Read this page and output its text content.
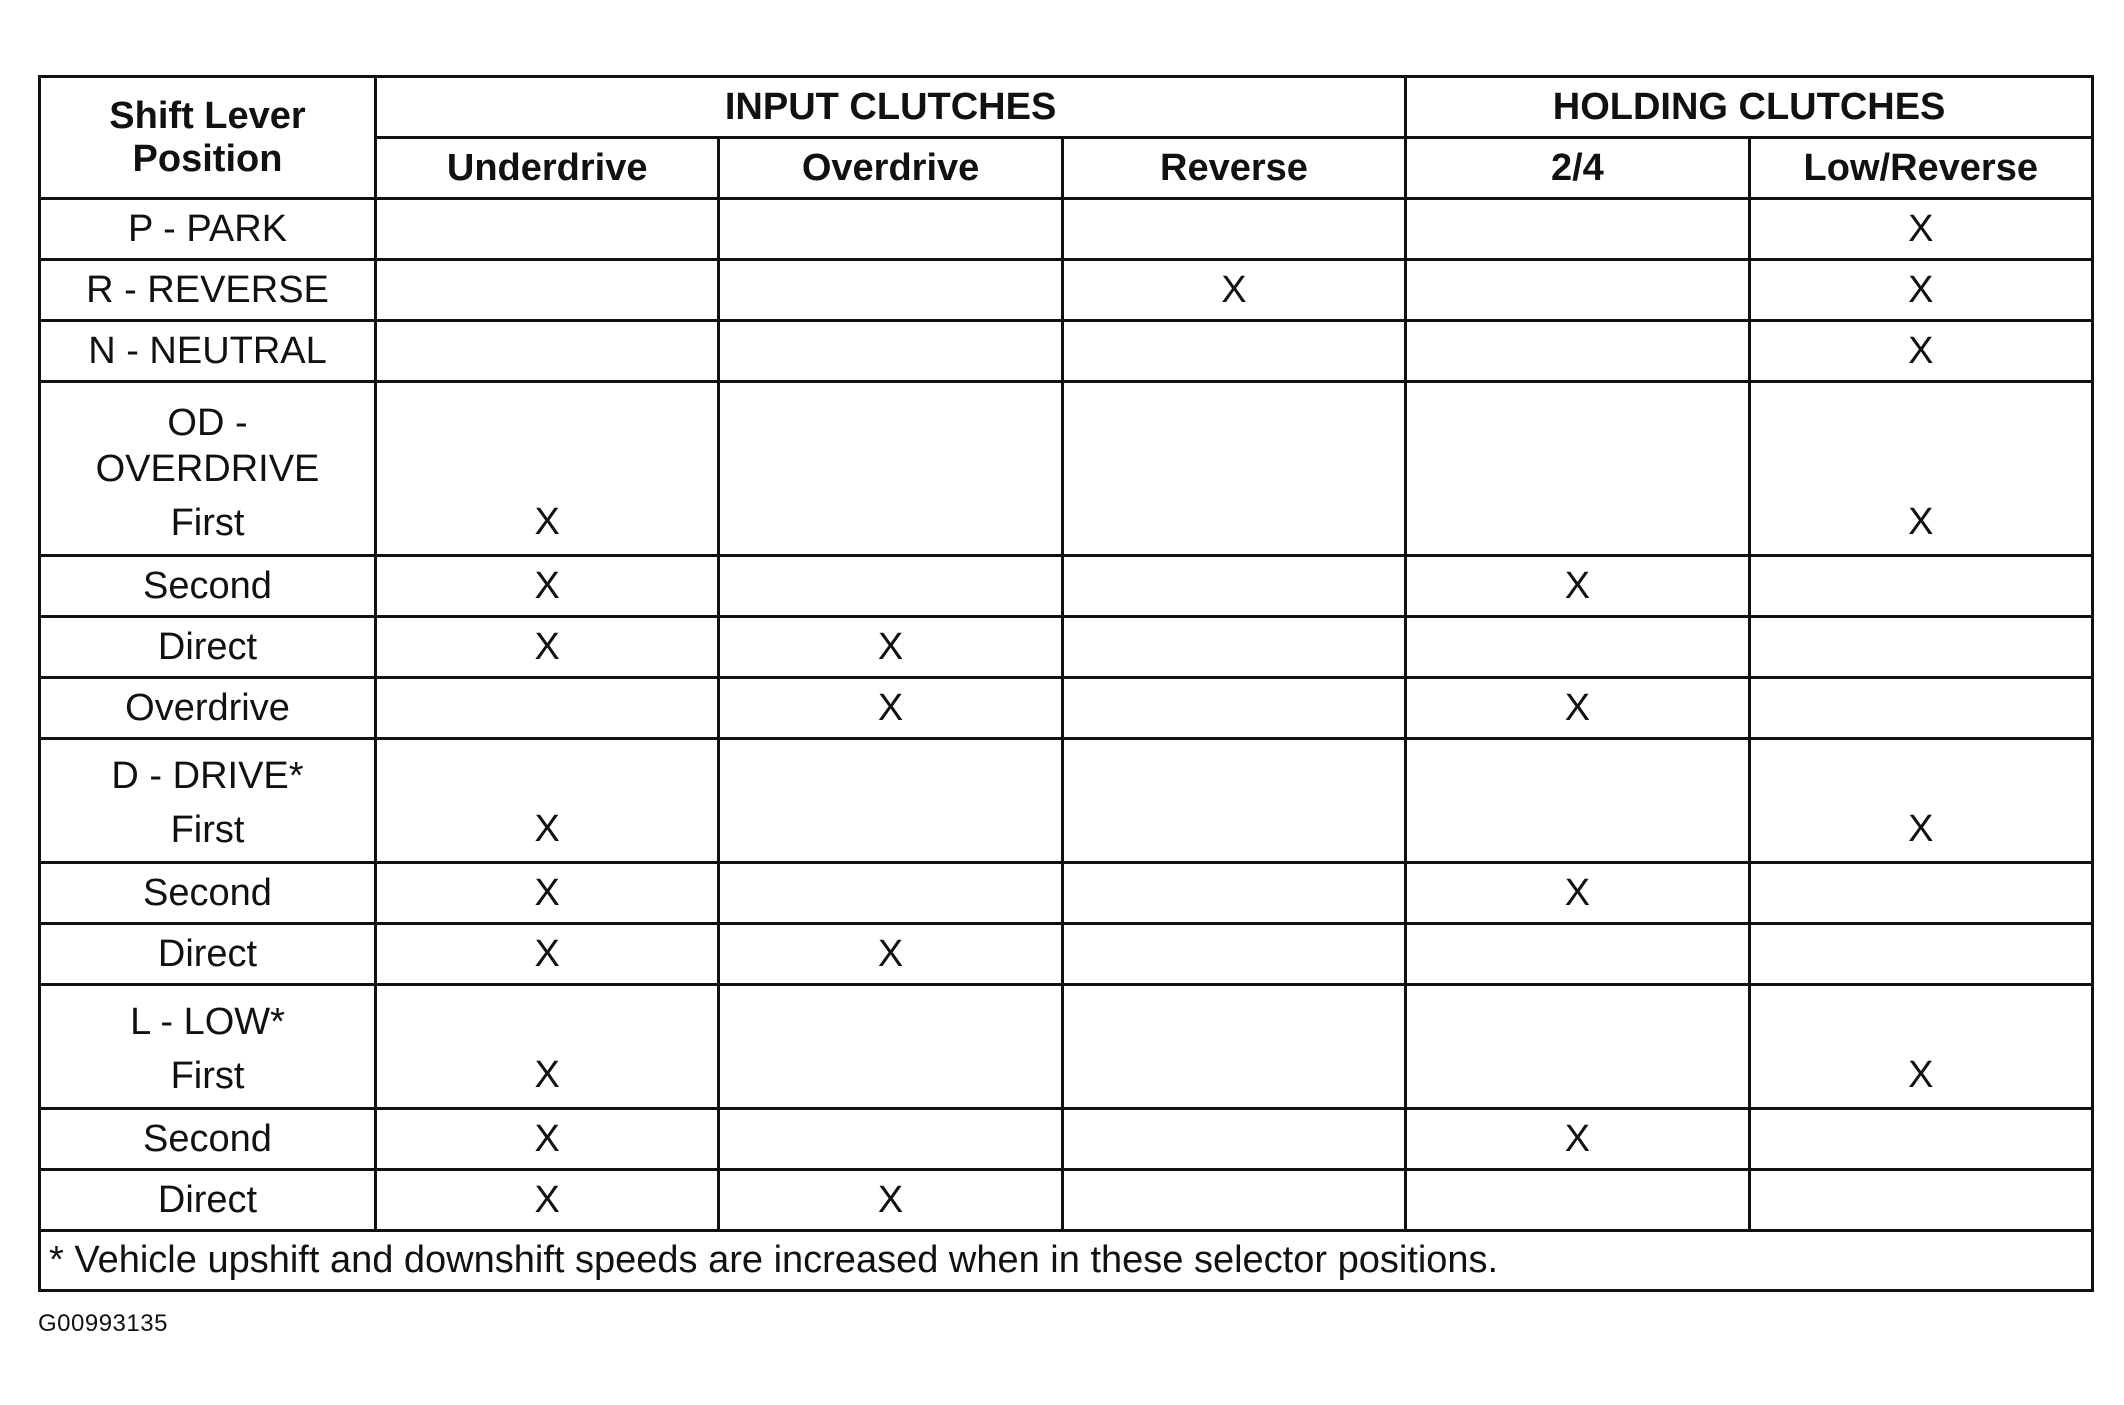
Shift Lever
Position	INPUT CLUTCHES			HOLDING CLUTCHES	
	Underdrive	Overdrive	Reverse	2/4	Low/Reverse
P - PARK					X

R - REVERSE			X		X

N - NEUTRAL					X

OD - OVERDRIVE
First	X				X

Second	X			X	

Direct	X	X			

Overdrive		X		X	

D - DRIVE*
First	X				X

Second	X			X	

Direct	X	X			

L - LOW*
First	X				X

Second	X			X	

Direct	X	X			

* Vehicle upshift and downshift speeds are increased when in these selector positions.					
G00993135
